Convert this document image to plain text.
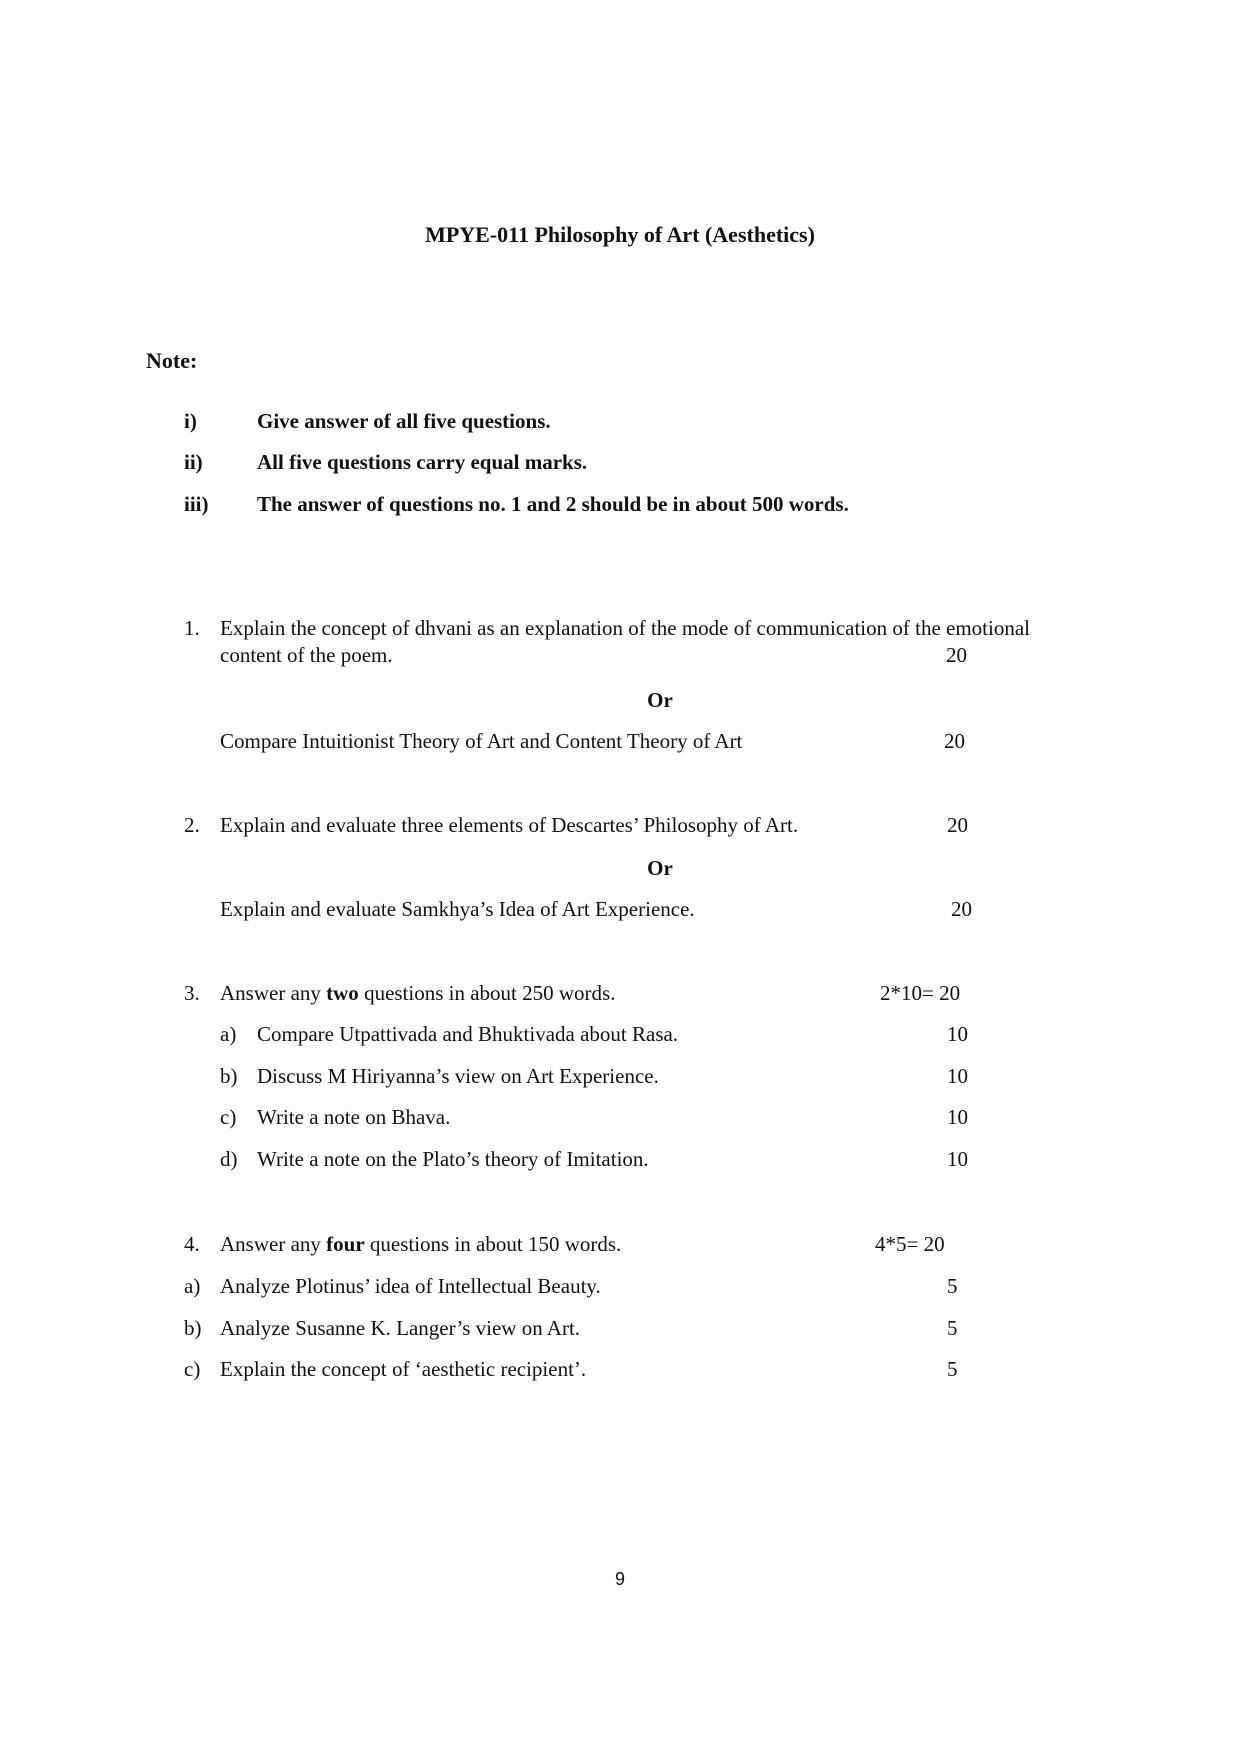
MPYE-011 Philosophy of Art (Aesthetics)
Note:
i)	Give answer of all five questions.
ii)	All five questions carry equal marks.
iii) The answer of questions no. 1 and 2 should be in about 500 words.
1. Explain the concept of dhvani as an explanation of the mode of communication of the emotional
content of the poem.	20
Or
Compare Intuitionist Theory of Art and Content Theory of Art	20
2. Explain and evaluate three elements of Descartes’ Philosophy of Art.	20
Or
Explain and evaluate Samkhya’s Idea of Art Experience.	20
3. Answer any two questions in about 250 words.	2*10= 20
a) Compare Utpattivada and Bhuktivada about Rasa.	10
b) Discuss M Hiriyanna’s view on Art Experience.	10
c) Write a note on Bhava.	10
d) Write a note on the Plato’s theory of Imitation.	10
4. Answer any four questions in about 150 words.	4*5= 20
a) Analyze Plotinus’ idea of Intellectual Beauty.	5
b) Analyze Susanne K. Langer’s view on Art.	5
c) Explain the concept of ‘aesthetic recipient’.	5
9
